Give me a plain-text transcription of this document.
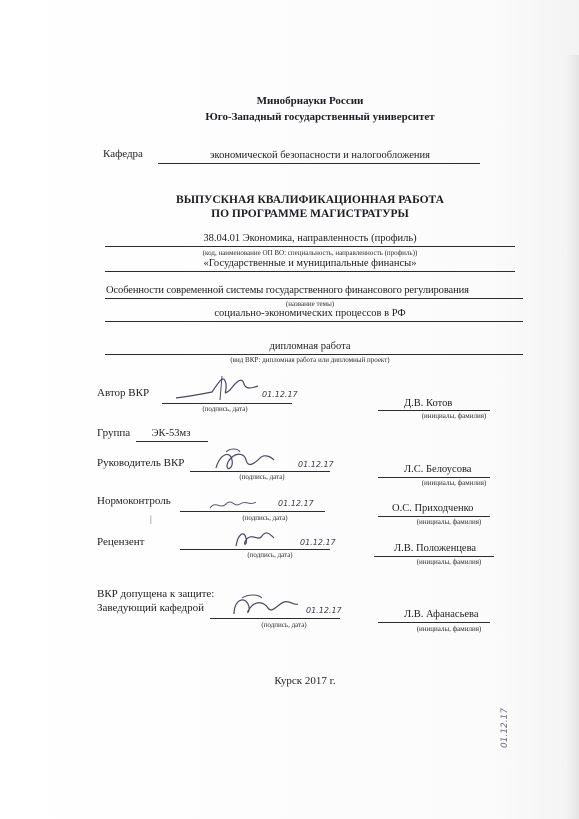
Минобрнауки России
Юго-Западный государственный университет
Кафедра	экономической безопасности и налогообложения
ВЫПУСКНАЯ КВАЛИФИКАЦИОННАЯ РАБОТА
ПО ПРОГРАММЕ МАГИСТРАТУРЫ
38.04.01 Экономика, направленность (профиль)
(код, наименование ОП ВО: специальность, направленность (профиль))
«Государственные и муниципальные финансы»
Особенности современной системы государственного финансового регулирования
(название темы)
социально-экономических процессов в РФ
дипломная работа
(вид ВКР: дипломная работа или дипломный проект)
Автор ВКР	01.12.17
(подпись, дата)	Д.В. Котов
(инициалы, фамилия)
Группа	ЭК-53мз
Руководитель ВКР	01.12.17
(подпись, дата)
Л.С. Белоусова
(инициалы, фамилия)
Нормоконтроль
|
01.12.17
(подпись, дата)
О.С. Приходченко
(инициалы, фамилия)
Рецензент	01.12.17
(подпись, дата)
Л.В. Положенцева
(инициалы, фамилия)
ВКР допущена к защите:
Заведующий кафедрой	01.12.17
(подпись, дата)
Л.В. Афанасьева
(инициалы, фамилия)
Курск 2017 г.
01.12.17
